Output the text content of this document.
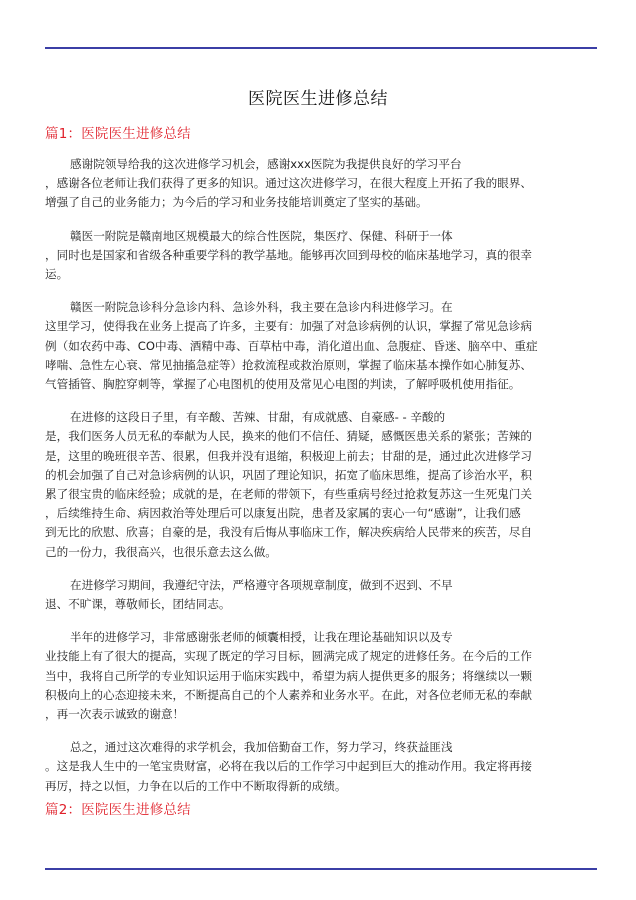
医院医生进修总结
篇1：医院医生进修总结

感谢院领导给我的这次进修学习机会，感谢xxx医院为我提供良好的学习平台
，感谢各位老师让我们获得了更多的知识。通过这次进修学习，在很大程度上开拓了我的眼界、
增强了自己的业务能力；为今后的学习和业务技能培训奠定了坚实的基础。

赣医一附院是赣南地区规模最大的综合性医院，集医疗、保健、科研于一体
，同时也是国家和省级各种重要学科的教学基地。能够再次回到母校的临床基地学习，真的很幸
运。

赣医一附院急诊科分急诊内科、急诊外科，我主要在急诊内科进修学习。在
这里学习，使得我在业务上提高了许多，主要有：加强了对急诊病例的认识，掌握了常见急诊病
例（如农药中毒、CO中毒、酒精中毒、百草枯中毒，消化道出血、急腹症、昏迷、脑卒中、重症
哮喘、急性左心衰、常见抽搐急症等）抢救流程或救治原则，掌握了临床基本操作如心肺复苏、
气管插管、胸腔穿刺等，掌握了心电图机的使用及常见心电图的判读，了解呼吸机使用指征。

在进修的这段日子里，有辛酸、苦辣、甘甜，有成就感、自豪感- - 辛酸的
是，我们医务人员无私的奉献为人民，换来的他们不信任、猜疑，感慨医患关系的紧张；苦辣的
是，这里的晚班很辛苦、很累，但我并没有退缩，积极迎上前去；甘甜的是，通过此次进修学习
的机会加强了自己对急诊病例的认识，巩固了理论知识，拓宽了临床思维，提高了诊治水平，积
累了很宝贵的临床经验；成就的是，在老师的带领下，有些重病号经过抢救复苏这一生死鬼门关
，后续维持生命、病因救治等处理后可以康复出院，患者及家属的衷心一句“感谢”，让我们感
到无比的欣慰、欣喜；自豪的是，我没有后悔从事临床工作，解决疾病给人民带来的疾苦，尽自
己的一份力，我很高兴，也很乐意去这么做。

在进修学习期间，我遵纪守法，严格遵守各项规章制度，做到不迟到、不早
退、不旷课，尊敬师长，团结同志。

半年的进修学习，非常感谢张老师的倾囊相授，让我在理论基础知识以及专
业技能上有了很大的提高，实现了既定的学习目标，圆满完成了规定的进修任务。在今后的工作
当中，我将自己所学的专业知识运用于临床实践中，希望为病人提供更多的服务；将继续以一颗
积极向上的心态迎接未来，不断提高自己的个人素养和业务水平。在此，对各位老师无私的奉献
，再一次表示诚致的谢意！

总之，通过这次难得的求学机会，我加倍勤奋工作，努力学习，终获益匪浅
。这是我人生中的一笔宝贵财富，必将在我以后的工作学习中起到巨大的推动作用。我定将再接
再厉，持之以恒，力争在以后的工作中不断取得新的成绩。

篇2：医院医生进修总结
